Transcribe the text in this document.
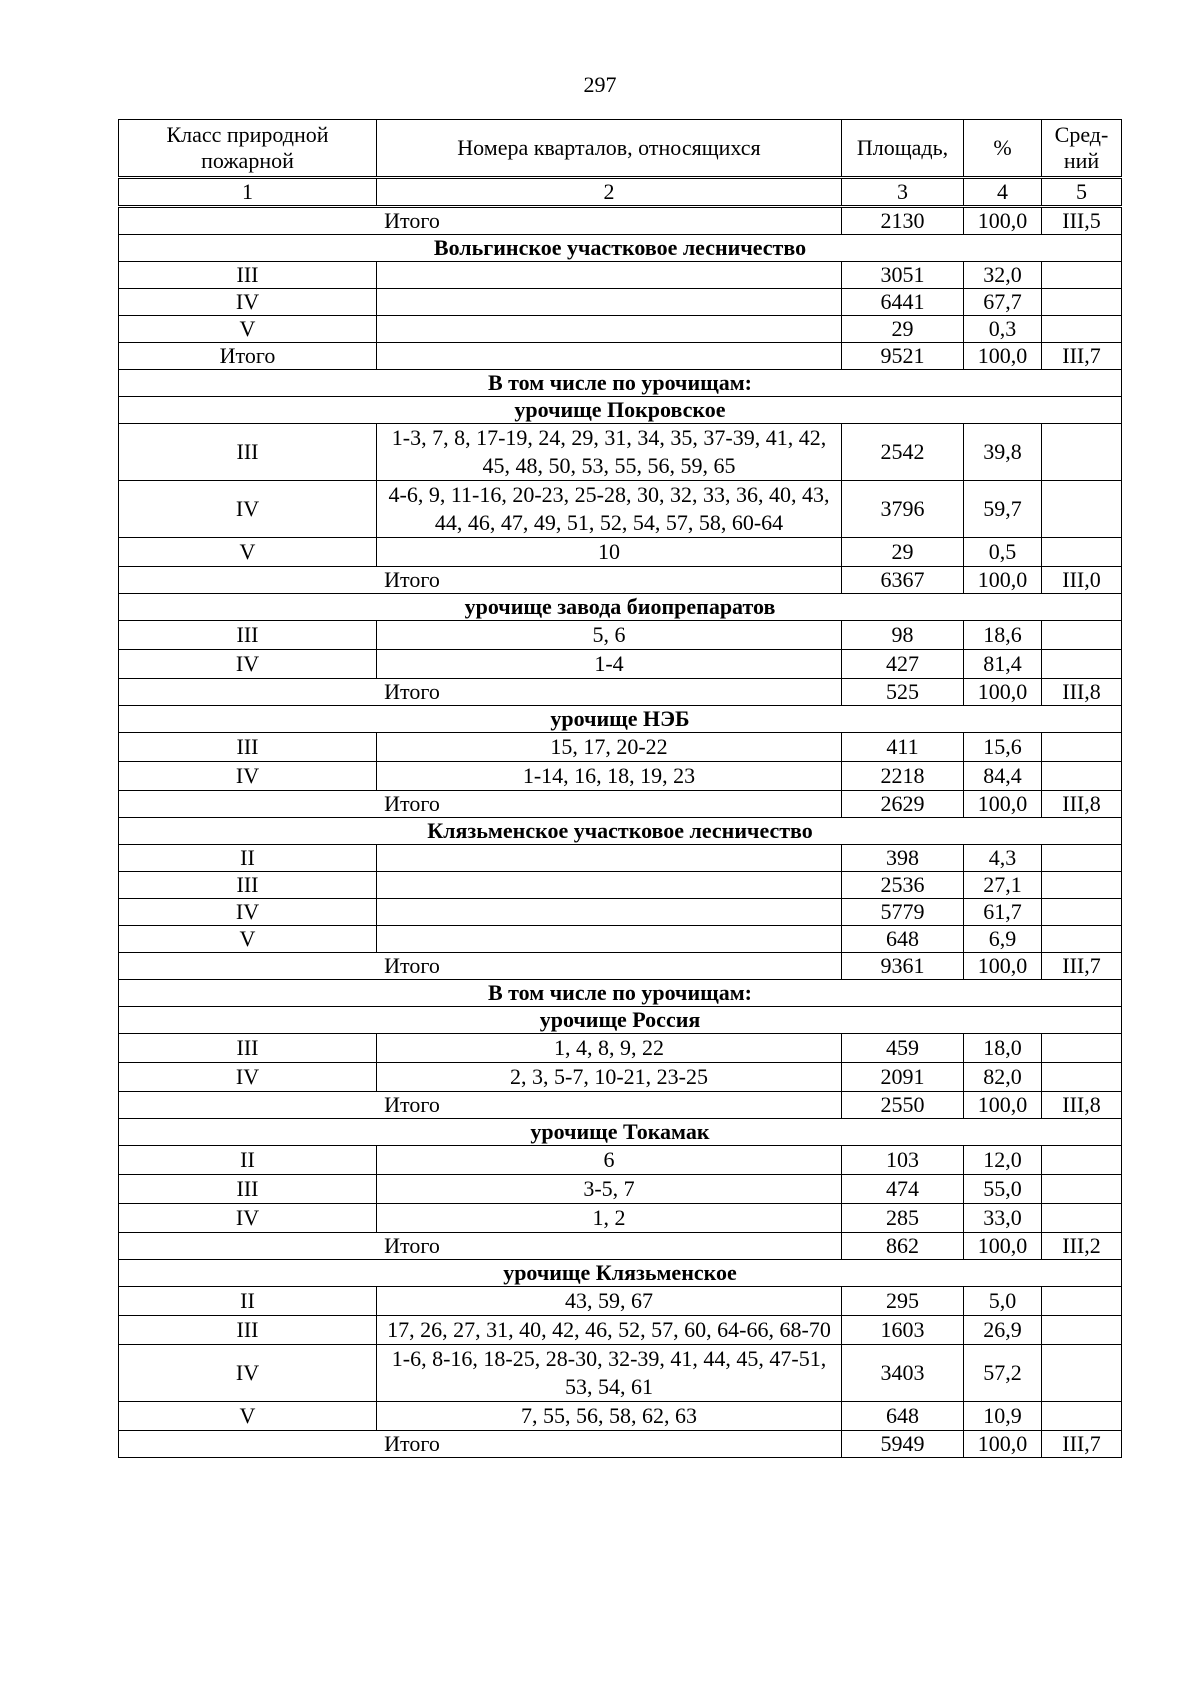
297
Класс природной пожарной	Номера кварталов, относящихся	Площадь,	%	Сред-ний
1	2	3	4	5
Итого		2130	100,0	III,5
Вольгинское участковое лесничество				
III		3051	32,0	
IV		6441	67,7	
V		29	0,3	
Итого		9521	100,0	III,7
В том числе по урочищам:				
урочище Покровское				
III	1-3, 7, 8, 17-19, 24, 29, 31, 34, 35, 37-39, 41, 42, 45, 48, 50, 53, 55, 56, 59, 65	2542	39,8	
IV	4-6, 9, 11-16, 20-23, 25-28, 30, 32, 33, 36, 40, 43, 44, 46, 47, 49, 51, 52, 54, 57, 58, 60-64	3796	59,7	
V	10	29	0,5	
Итого		6367	100,0	III,0
урочище завода биопрепаратов				
III	5, 6	98	18,6	
IV	1-4	427	81,4	
Итого		525	100,0	III,8
урочище НЭБ				
III	15, 17, 20-22	411	15,6	
IV	1-14, 16, 18, 19, 23	2218	84,4	
Итого		2629	100,0	III,8
Клязьменское участковое лесничество				
II		398	4,3	
III		2536	27,1	
IV		5779	61,7	
V		648	6,9	
Итого		9361	100,0	III,7
В том числе по урочищам:				
урочище Россия				
III	1, 4, 8, 9, 22	459	18,0	
IV	2, 3, 5-7, 10-21, 23-25	2091	82,0	
Итого		2550	100,0	III,8
урочище Токамак				
II	6	103	12,0	
III	3-5, 7	474	55,0	
IV	1, 2	285	33,0	
Итого		862	100,0	III,2
урочище Клязьменское				
II	43, 59, 67	295	5,0	
III	17, 26, 27, 31, 40, 42, 46, 52, 57, 60, 64-66, 68-70	1603	26,9	
IV	1-6, 8-16, 18-25, 28-30, 32-39, 41, 44, 45, 47-51, 53, 54, 61	3403	57,2	
V	7, 55, 56, 58, 62, 63	648	10,9	
Итого		5949	100,0	III,7
